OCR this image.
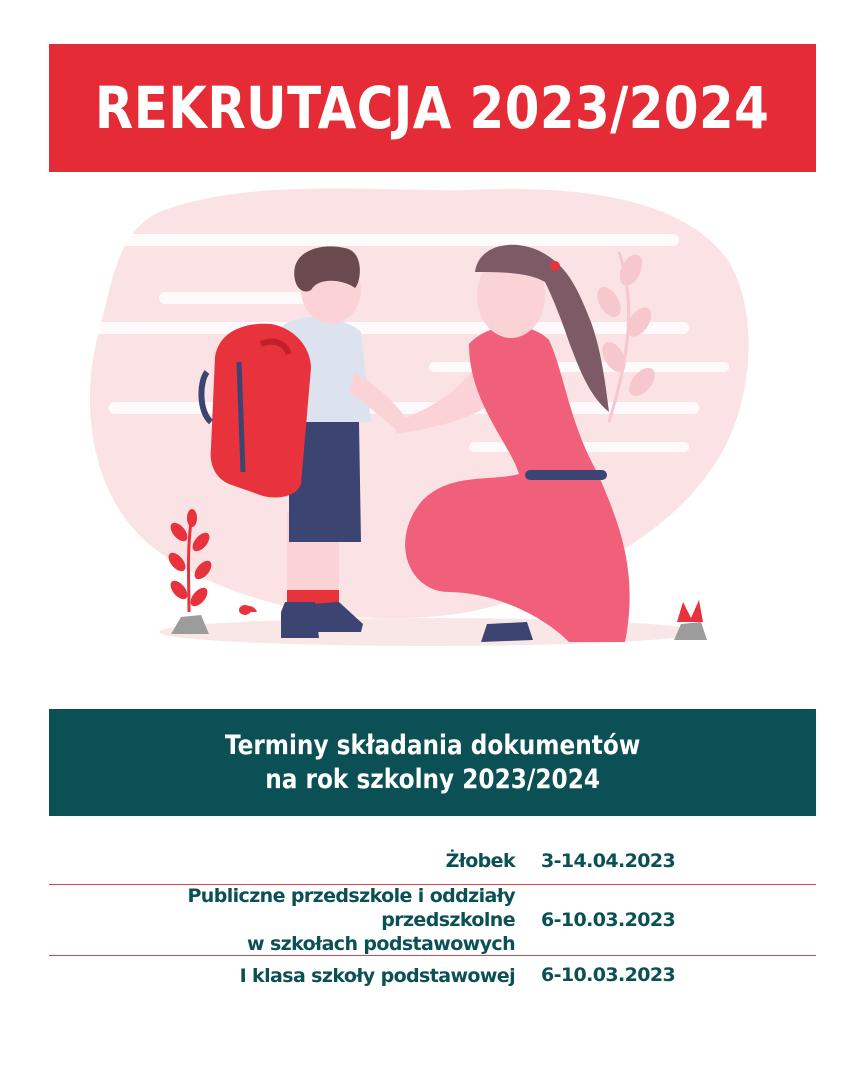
REKRUTACJA 2023/2024
Terminy składania dokumentów
na rok szkolny 2023/2024
Żłobek	3-14.04.2023
Publiczne przedszkole i oddziały przedszkolne
w szkołach podstawowych
6-10.03.2023
I klasa szkoły podstawowej	6-10.03.2023
